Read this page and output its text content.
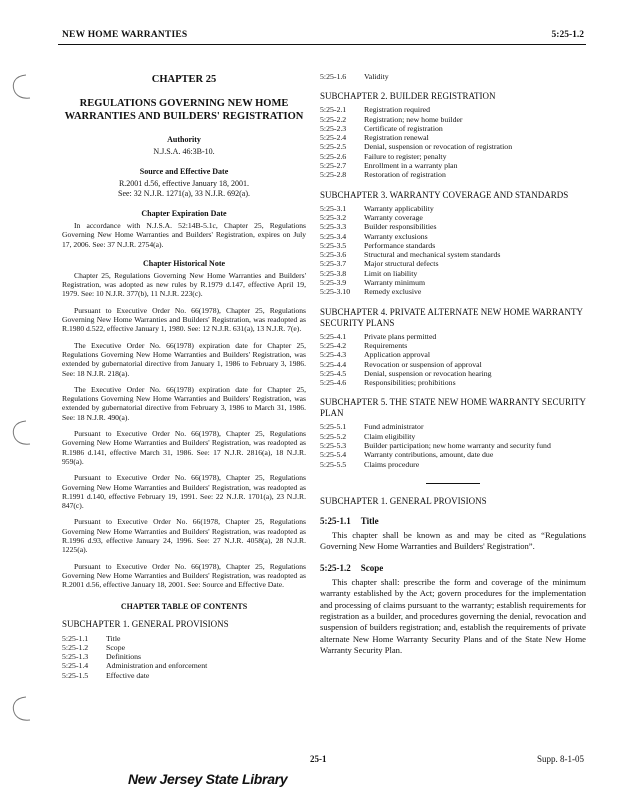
NEW HOME WARRANTIES	5:25-1.2
CHAPTER 25
REGULATIONS GOVERNING NEW HOME WARRANTIES AND BUILDERS' REGISTRATION
Authority
N.J.S.A. 46:3B-10.
Source and Effective Date
R.2001 d.56, effective January 18, 2001.
See: 32 N.J.R. 1271(a), 33 N.J.R. 692(a).
Chapter Expiration Date

In accordance with N.J.S.A. 52:14B-5.1c, Chapter 25, Regulations Governing New Home Warranties and Builders' Registration, expires on July 17, 2006. See: 37 N.J.R. 2754(a).

Chapter Historical Note

Chapter 25, Regulations Governing New Home Warranties and Builders' Registration, was adopted as new rules by R.1979 d.147, effective April 19, 1979. See: 10 N.J.R. 377(b), 11 N.J.R. 223(c).

Pursuant to Executive Order No. 66(1978), Chapter 25, Regulations Governing New Home Warranties and Builders' Registration, was readopted as R.1980 d.522, effective January 1, 1980. See: 12 N.J.R. 631(a), 13 N.J.R. 7(e).

The Executive Order No. 66(1978) expiration date for Chapter 25, Regulations Governing New Home Warranties and Builders' Registration, was extended by gubernatorial directive from January 1, 1986 to February 3, 1986. See: 18 N.J.R. 218(a).

The Executive Order No. 66(1978) expiration date for Chapter 25, Regulations Governing New Home Warranties and Builders' Registration, was extended by gubernatorial directive from February 3, 1986 to March 31, 1986. See: 18 N.J.R. 490(a).

Pursuant to Executive Order No. 66(1978), Chapter 25, Regulations Governing New Home Warranties and Builders' Registration, was readopted as R.1986 d.141, effective March 31, 1986. See: 17 N.J.R. 2816(a), 18 N.J.R. 959(a).

Pursuant to Executive Order No. 66(1978), Chapter 25, Regulations Governing New Home Warranties and Builders' Registration, was readopted as R.1991 d.140, effective February 19, 1991. See: 22 N.J.R. 1701(a), 23 N.J.R. 847(c).

Pursuant to Executive Order No. 66(1978, Chapter 25, Regulations Governing New Home Warranties and Builders' Registration, was readopted as R.1996 d.93, effective January 24, 1996. See: 27 N.J.R. 4058(a), 28 N.J.R. 1225(a).

Pursuant to Executive Order No. 66(1978), Chapter 25, Regulations Governing New Home Warranties and Builders' Registration, was readopted as R.2001 d.56, effective January 18, 2001. See: Source and Effective Date.

CHAPTER TABLE OF CONTENTS
SUBCHAPTER 1. GENERAL PROVISIONS
5:25-1.1	Title
5:25-1.2	Scope
5:25-1.3	Definitions
5:25-1.4	Administration and enforcement
5:25-1.5	Effective date
5:25-1.6	Validity
SUBCHAPTER 2. BUILDER REGISTRATION
5:25-2.1	Registration required
5:25-2.2	Registration; new home builder
5:25-2.3	Certificate of registration
5:25-2.4	Registration renewal
5:25-2.5	Denial, suspension or revocation of registration
5:25-2.6	Failure to register; penalty
5:25-2.7	Enrollment in a warranty plan
5:25-2.8	Restoration of registration
SUBCHAPTER 3. WARRANTY COVERAGE AND STANDARDS
5:25-3.1	Warranty applicability
5:25-3.2	Warranty coverage
5:25-3.3	Builder responsibilities
5:25-3.4	Warranty exclusions
5:25-3.5	Performance standards
5:25-3.6	Structural and mechanical system standards
5:25-3.7	Major structural defects
5:25-3.8	Limit on liability
5:25-3.9	Warranty minimum
5:25-3.10	Remedy exclusive
SUBCHAPTER 4. PRIVATE ALTERNATE NEW HOME WARRANTY SECURITY PLANS
5:25-4.1	Private plans permitted
5:25-4.2	Requirements
5:25-4.3	Application approval
5:25-4.4	Revocation or suspension of approval
5:25-4.5	Denial, suspension or revocation hearing
5:25-4.6	Responsibilities; prohibitions
SUBCHAPTER 5. THE STATE NEW HOME WARRANTY SECURITY PLAN
5:25-5.1	Fund administrator
5:25-5.2	Claim eligibility
5:25-5.3	Builder participation; new home warranty and security fund
5:25-5.4	Warranty contributions, amount, date due
5:25-5.5	Claims procedure
SUBCHAPTER 1. GENERAL PROVISIONS
5:25-1.1 Title

This chapter shall be known as and may be cited as “Regulations Governing New Home Warranties and Builders' Registration”.

5:25-1.2 Scope

This chapter shall: prescribe the form and coverage of the minimum warranty established by the Act; govern procedures for the implementation and processing of claims pursuant to the warranty; establish requirements for registration as a builder, and procedures governing the denial, revocation and suspension of builders registration; and, establish the requirements of private alternate New Home Warranty Security Plans and of the State New Home Warranty Security Plan.

25-1	Supp. 8-1-05
New Jersey State Library
